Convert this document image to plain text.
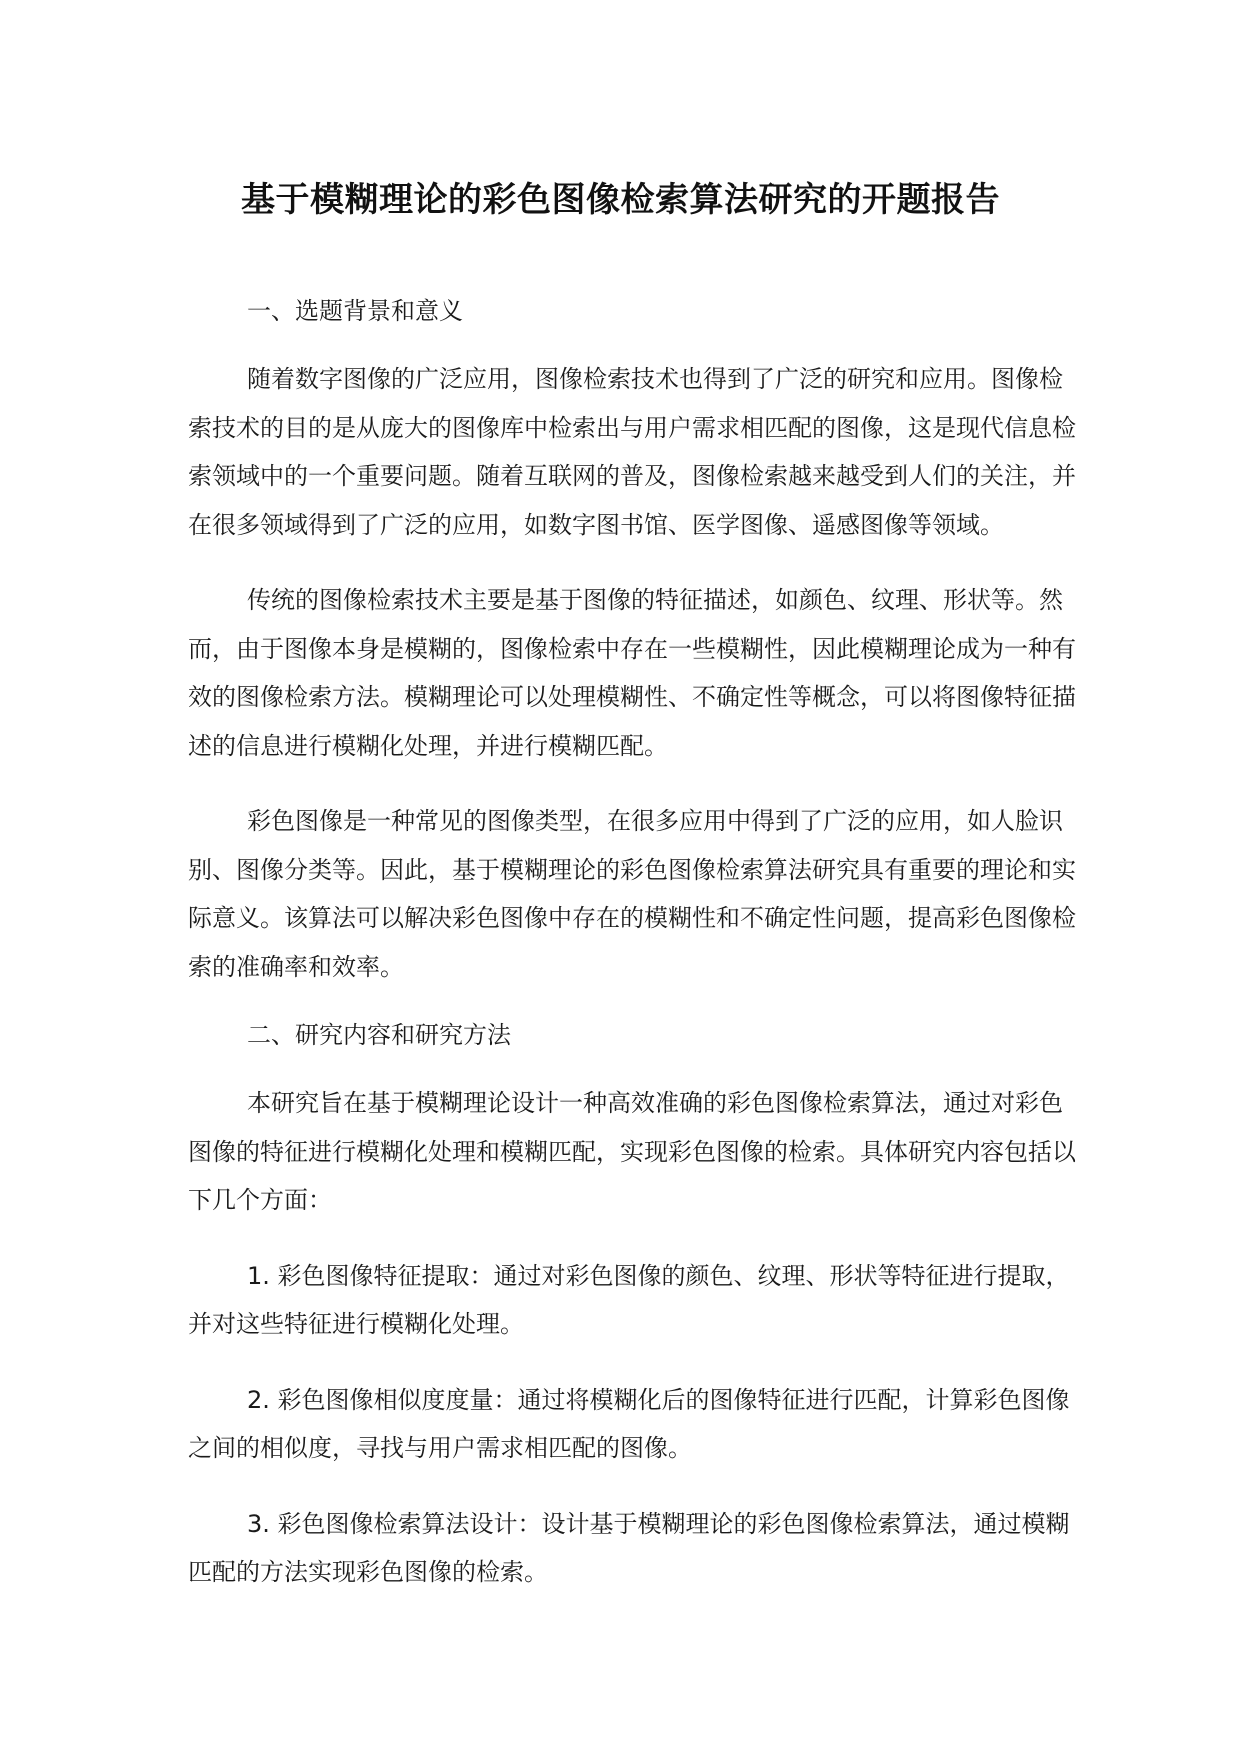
基于模糊理论的彩色图像检索算法研究的开题报告

一、选题背景和意义

随着数字图像的广泛应用，图像检索技术也得到了广泛的研究和应用。图像检索技术的目的是从庞大的图像库中检索出与用户需求相匹配的图像，这是现代信息检索领域中的一个重要问题。随着互联网的普及，图像检索越来越受到人们的关注，并在很多领域得到了广泛的应用，如数字图书馆、医学图像、遥感图像等领域。

传统的图像检索技术主要是基于图像的特征描述，如颜色、纹理、形状等。然而，由于图像本身是模糊的，图像检索中存在一些模糊性，因此模糊理论成为一种有效的图像检索方法。模糊理论可以处理模糊性、不确定性等概念，可以将图像特征描述的信息进行模糊化处理，并进行模糊匹配。

彩色图像是一种常见的图像类型，在很多应用中得到了广泛的应用，如人脸识别、图像分类等。因此，基于模糊理论的彩色图像检索算法研究具有重要的理论和实际意义。该算法可以解决彩色图像中存在的模糊性和不确定性问题，提高彩色图像检索的准确率和效率。

二、研究内容和研究方法

本研究旨在基于模糊理论设计一种高效准确的彩色图像检索算法，通过对彩色图像的特征进行模糊化处理和模糊匹配，实现彩色图像的检索。具体研究内容包括以下几个方面：

1. 彩色图像特征提取：通过对彩色图像的颜色、纹理、形状等特征进行提取，并对这些特征进行模糊化处理。

2. 彩色图像相似度度量：通过将模糊化后的图像特征进行匹配，计算彩色图像之间的相似度，寻找与用户需求相匹配的图像。

3. 彩色图像检索算法设计：设计基于模糊理论的彩色图像检索算法，通过模糊匹配的方法实现彩色图像的检索。
